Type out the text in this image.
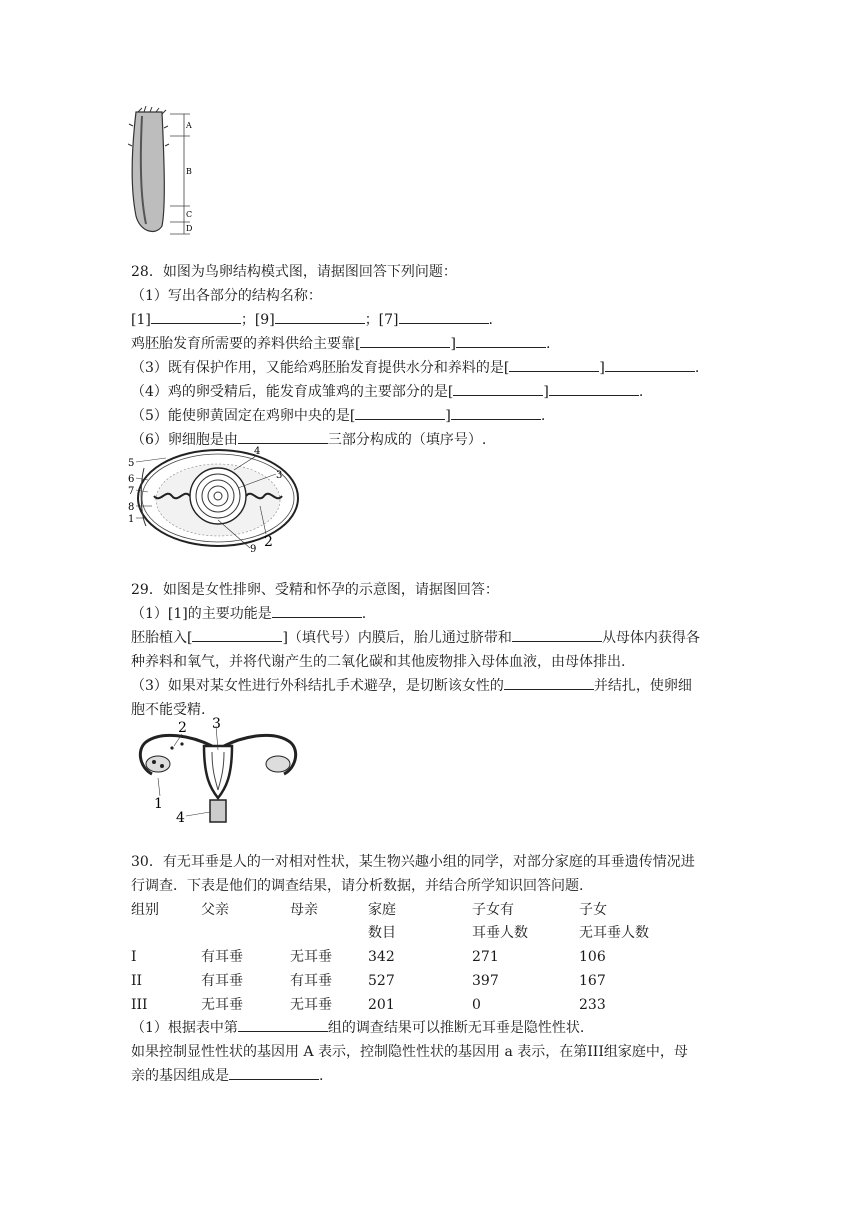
A
B
C
D
28．如图为鸟卵结构模式图，请据图回答下列问题：
（1）写出各部分的结构名称：
[1]	；[9]	；[7]	.
鸡胚胎发育所需要的养料供给主要靠[	]	.
（3）既有保护作用，又能给鸡胚胎发育提供水分和养料的是[	]	.
（4）鸡的卵受精后，能发育成雏鸡的主要部分的是[	]	.
（5）能使卵黄固定在鸡卵中央的是[	]	.
（6）卵细胞是由	三部分构成的（填序号）.
5
6
7
8
1
4
3
2
9
29．如图是女性排卵、受精和怀孕的示意图，请据图回答：
（1）[1]的主要功能是	.
胚胎植入[	]（填代号）内膜后，胎儿通过脐带和	从母体内获得各
种养料和氧气，并将代谢产生的二氧化碳和其他废物排入母体血液，由母体排出.
（3）如果对某女性进行外科结扎手术避孕，是切断该女性的	并结扎，使卵细
胞不能受精.
2 3
1
4
30．有无耳垂是人的一对相对性状，某生物兴趣小组的同学，对部分家庭的耳垂遗传情况进
行调查．下表是他们的调查结果，请分析数据，并结合所学知识回答问题.
组别	父亲	母亲	家庭	子女有	子女
数目	耳垂人数	无耳垂人数
I	有耳垂	无耳垂	342	271	106
II	有耳垂	有耳垂	527	397	167
III	无耳垂	无耳垂	201	0	233
（1）根据表中第	组的调查结果可以推断无耳垂是隐性性状.
如果控制显性性状的基因用 A 表示，控制隐性性状的基因用 a 表示，在第III组家庭中，母
亲的基因组成是	.
